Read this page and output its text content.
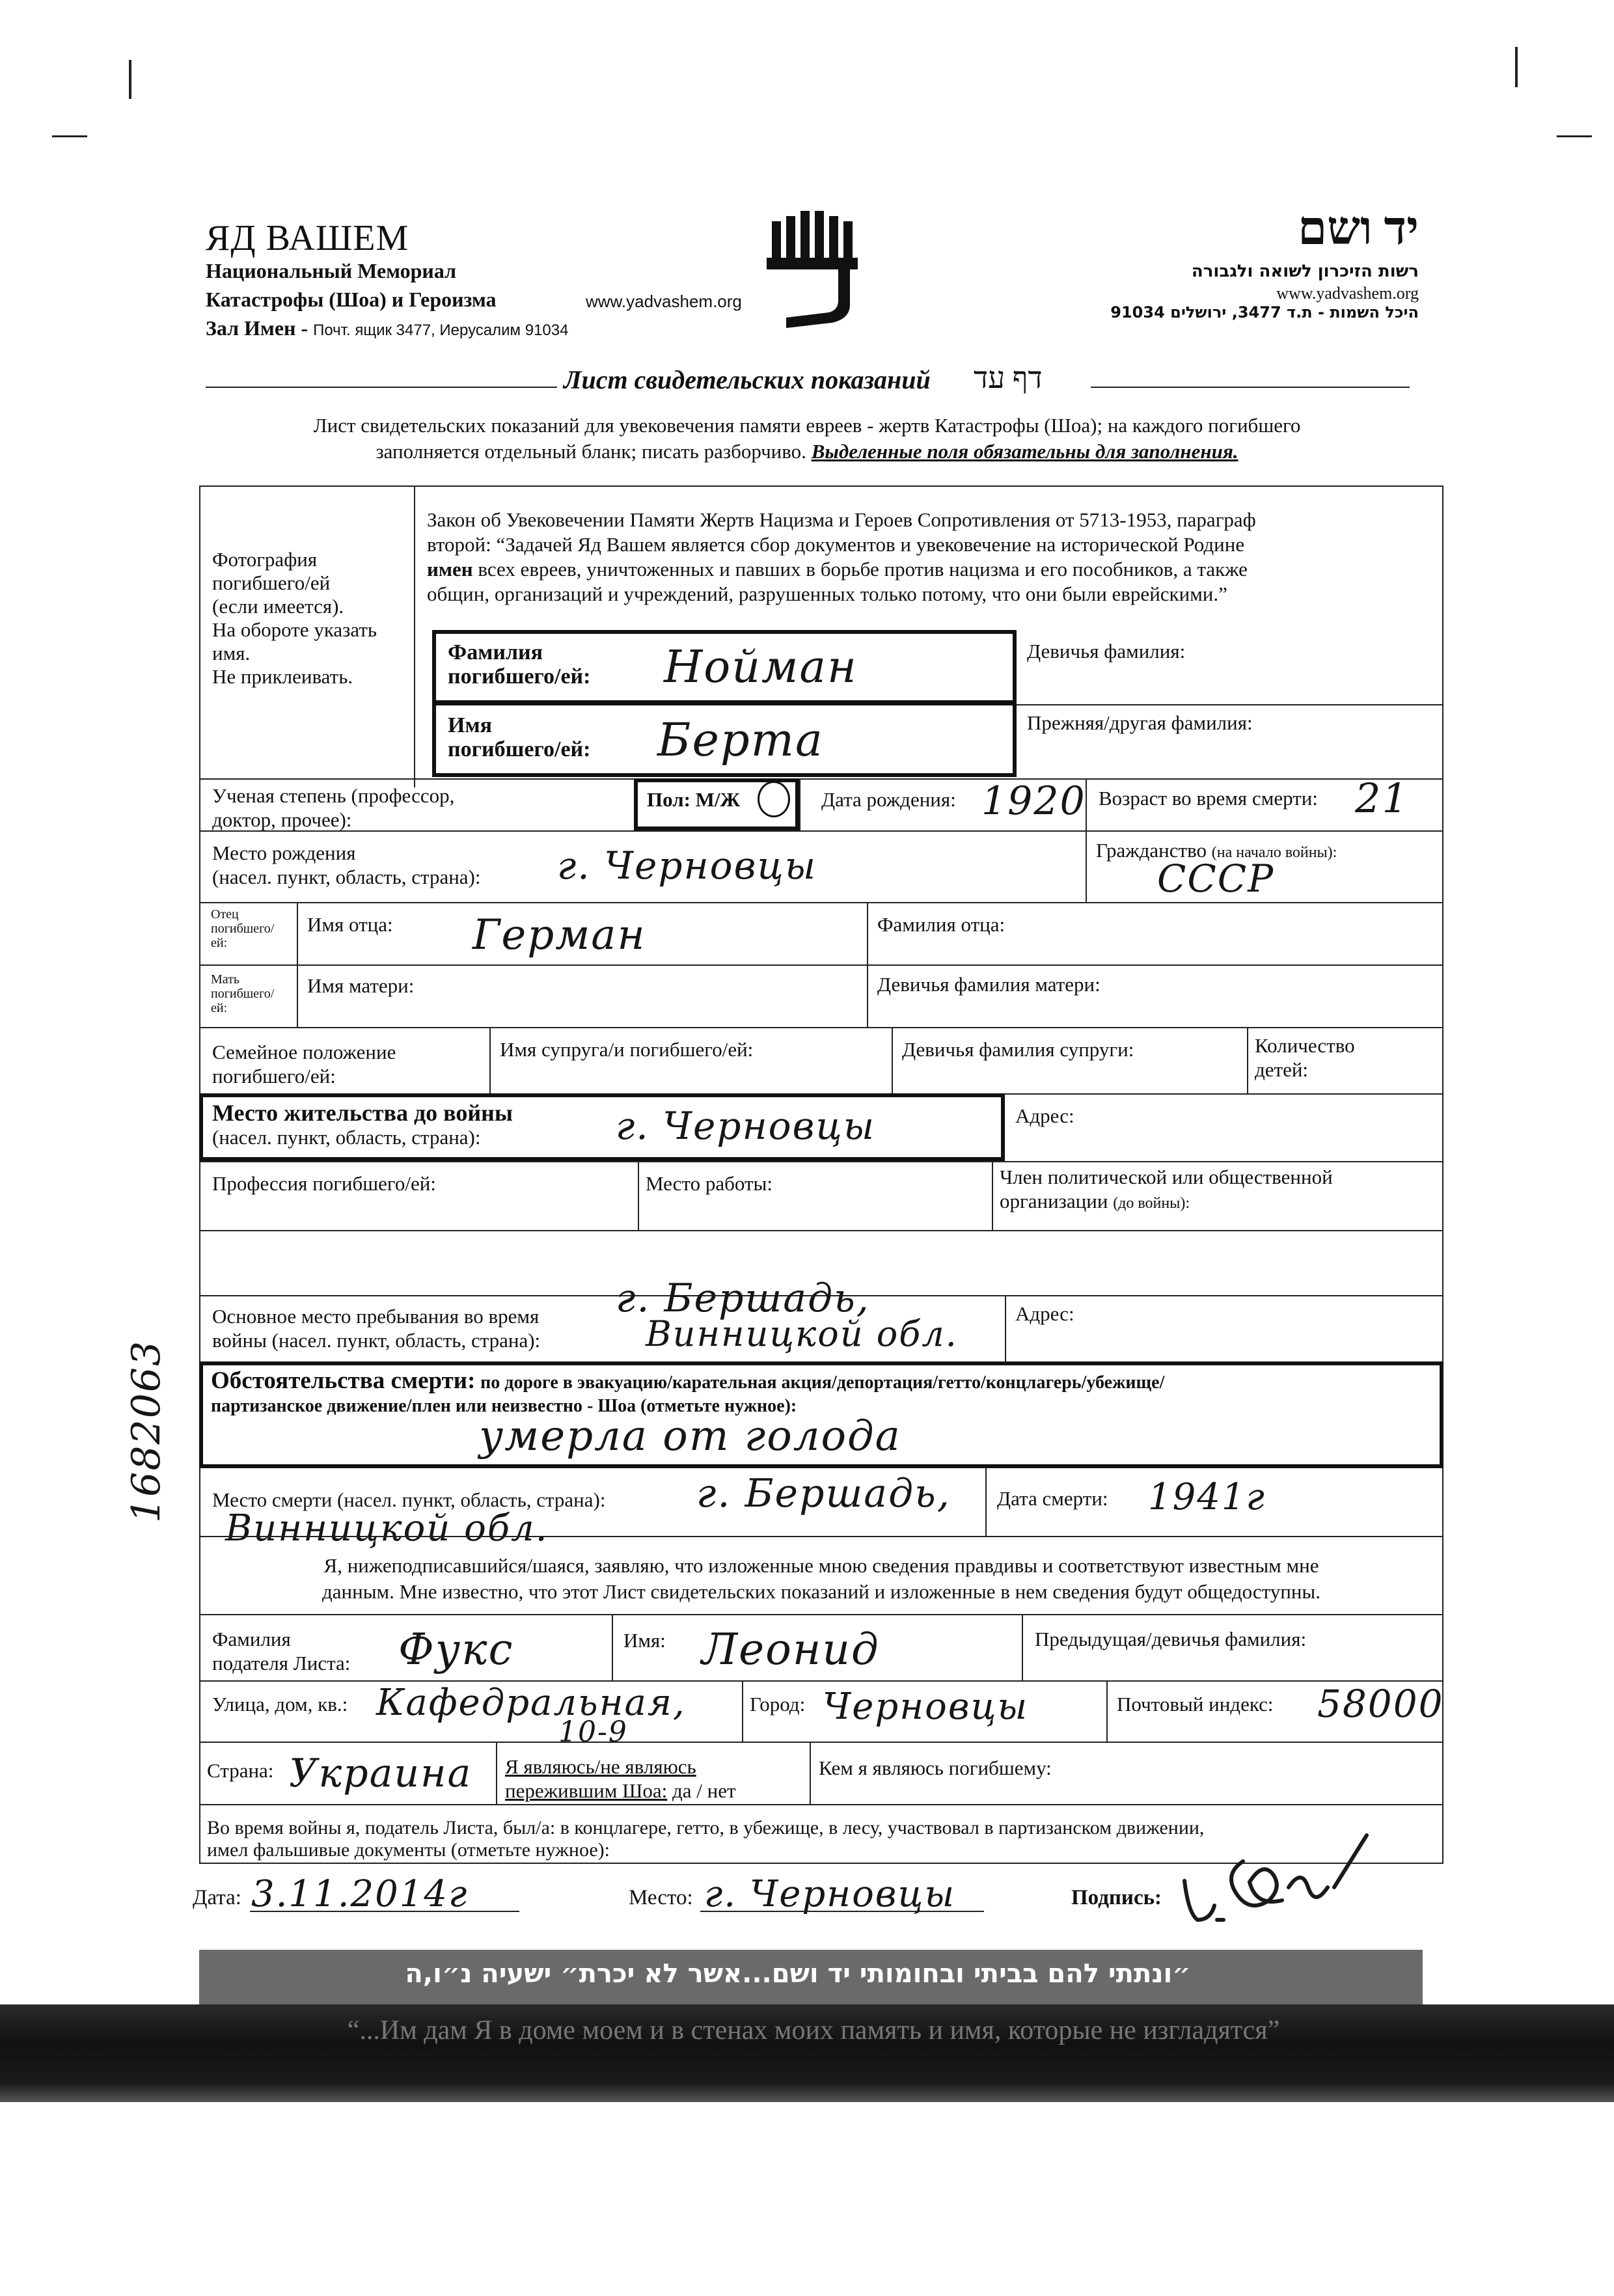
ЯД ВАШЕМ
Национальный Мемориал
Катастрофы (Шоа) и Героизма	www.yadvashem.org
Зал Имен - Почт. ящик 3477, Иерусалим 91034
יד ושם
רשות הזיכרון לשואה ולגבורה
www.yadvashem.org
היכל השמות - ת.ד 3477, ירושלים 91034
Лист свидетельских показаний דף עד
Лист свидетельских показаний для увековечения памяти евреев - жертв Катастрофы (Шоа); на каждого погибшего
заполняется отдельный бланк; писать разборчиво. Выделенные поля обязательны для заполнения.
Фотография
погибшего/ей
(если имеется).
На обороте указать
имя.
Не приклеивать.
Закон об Увековечении Памяти Жертв Нацизма и Героев Сопротивления от 5713-1953, параграф
второй: “Задачей Яд Вашем является сбор документов и увековечение на исторической Родине
имен всех евреев, уничтоженных и павших в борьбе против нацизма и его пособников, а также
общин, организаций и учреждений, разрушенных только потому, что они были еврейскими.”
Фамилия
погибшего/ей: Нойман	Девичья фамилия:
Имя
погибшего/ей: Берта	Прежняя/другая фамилия:
Ученая степень (профессор,
доктор, прочее):
Пол: М/Ж	Дата рождения: 1920 Возраст во время смерти: 21
Место рождения
(насел. пункт, область, страна): г. Черновцы	Гражданство (на начало войны):
СССР
Отец
погибшего/
ей:
Имя отца: Герман	Фамилия отца:
Мать
погибшего/
ей:
Имя матери:	Девичья фамилия матери:
Семейное положение
погибшего/ей:
Имя супруга/и погибшего/ей:	Девичья фамилия супруги:	Количество
детей:
Место жительства до войны
(насел. пункт, область, страна):	г. Черновцы	Адрес:
Профессия погибшего/ей:	Место работы:	Член политической или общественной
организации (до войны):
Основное место пребывания во время
войны (насел. пункт, область, страна):
г. Бершадь,
Винницкой обл.	Адрес:
Обстоятельства смерти: по дороге в эвакуацию/карательная акция/депортация/гетто/концлагерь/убежище/
партизанское движение/плен или неизвестно - Шоа (отметьте нужное):
умерла от голода
Место смерти (насел. пункт, область, страна): г. Бершадь,
Винницкой обл.
Дата смерти: 1941г
Я, нижеподписавшийся/шаяся, заявляю, что изложенные мною сведения правдивы и соответствуют известным мне
данным. Мне известно, что этот Лист свидетельских показаний и изложенные в нем сведения будут общедоступны.
Фамилия
подателя Листа: Фукс	Имя: Леонид	Предыдущая/девичья фамилия:
Улица, дом, кв.: Кафедральная,
10-9
Город: Черновцы	Почтовый индекс: 58000
Страна: Украина Я являюсь/не являюсь
пережившим Шоа: да / нет
Кем я являюсь погибшему:
Во время войны я, податель Листа, был/а: в концлагере, гетто, в убежище, в лесу, участвовал в партизанском движении,
имел фальшивые документы (отметьте нужное):
Дата: 3.11.2014г	Место: г. Черновцы	Подпись:
1682063
״ונתתי להם בביתי ובחומותי יד ושם...אשר לא יכרת״ ישעיה נ״ו,ה
“...Им дам Я в доме моем и в стенах моих память и имя, которые не изгладятся”
